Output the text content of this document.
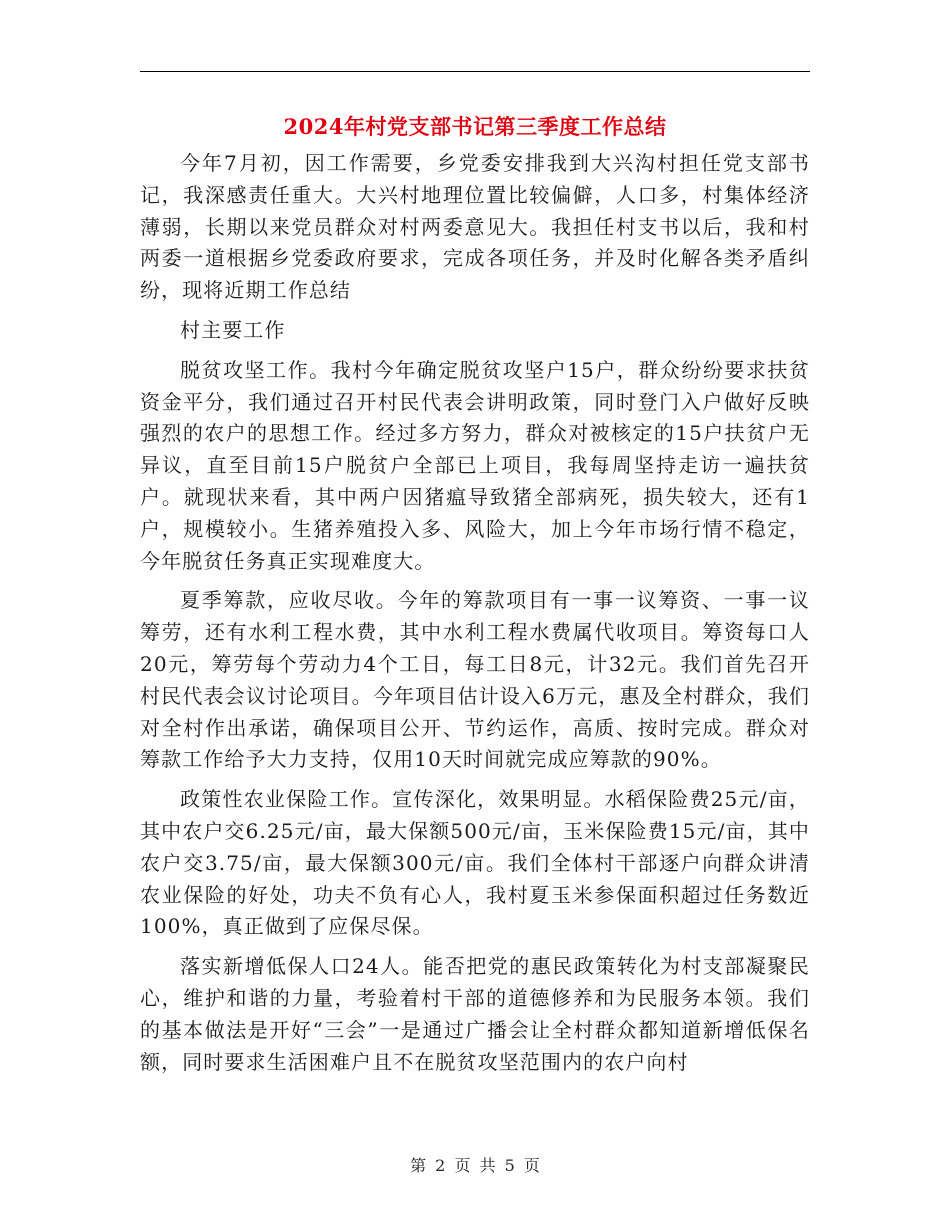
2024年村党支部书记第三季度工作总结

今年7月初，因工作需要，乡党委安排我到大兴沟村担任党支部书记，我深感责任重大。大兴村地理位置比较偏僻，人口多，村集体经济薄弱，长期以来党员群众对村两委意见大。我担任村支书以后，我和村两委一道根据乡党委政府要求，完成各项任务，并及时化解各类矛盾纠纷，现将近期工作总结

村主要工作

脱贫攻坚工作。我村今年确定脱贫攻坚户15户，群众纷纷要求扶贫资金平分，我们通过召开村民代表会讲明政策，同时登门入户做好反映强烈的农户的思想工作。经过多方努力，群众对被核定的15户扶贫户无异议，直至目前15户脱贫户全部已上项目，我每周坚持走访一遍扶贫户。就现状来看，其中两户因猪瘟导致猪全部病死，损失较大，还有1户，规模较小。生猪养殖投入多、风险大，加上今年市场行情不稳定，今年脱贫任务真正实现难度大。

夏季筹款，应收尽收。今年的筹款项目有一事一议筹资、一事一议筹劳，还有水利工程水费，其中水利工程水费属代收项目。筹资每口人20元，筹劳每个劳动力4个工日，每工日8元，计32元。我们首先召开村民代表会议讨论项目。今年项目估计设入6万元，惠及全村群众，我们对全村作出承诺，确保项目公开、节约运作，高质、按时完成。群众对筹款工作给予大力支持，仅用10天时间就完成应筹款的90%。

政策性农业保险工作。宣传深化，效果明显。水稻保险费25元/亩，其中农户交6.25元/亩，最大保额500元/亩，玉米保险费15元/亩，其中农户交3.75/亩，最大保额300元/亩。我们全体村干部逐户向群众讲清农业保险的好处，功夫不负有心人，我村夏玉米参保面积超过任务数近100%，真正做到了应保尽保。

落实新增低保人口24人。能否把党的惠民政策转化为村支部凝聚民心，维护和谐的力量，考验着村干部的道德修养和为民服务本领。我们的基本做法是开好“三会”一是通过广播会让全村群众都知道新增低保名额，同时要求生活困难户且不在脱贫攻坚范围内的农户向村

第 2 页 共 5 页
